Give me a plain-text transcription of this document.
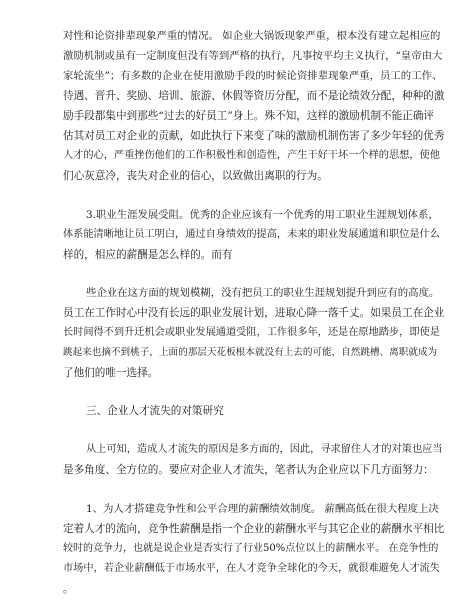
对性和论资排辈现象严重的情况。 如企业大锅饭现象严重，根本没有建立起相应的
激励机制或虽有一定制度但没有等到严格的执行，凡事按平均主义执行，“皇帝由大
家轮流坐”；有多数的企业在使用激励手段的时候论资排辈现象严重，员工的工作、
待遇、晋升、奖励、培训、旅游、休假等资历分配，而不是论绩效分配，种种的激
励手段都集中到那些“过去的好员工”身上。殊不知，这样的激励机制不能正确评
估其对员工对企业的贡献，如此执行下来变了味的激励机制伤害了多少年轻的优秀
人才的心，严重挫伤他们的工作积极性和创造性，产生干好干坏一个样的思想，使他
们心灰意冷，丧失对企业的信心，以致做出离职的行为。
3.职业生涯发展受阻。优秀的企业应该有一个优秀的用工职业生涯规划体系，
体系能清晰地让员工明白，通过自身绩效的提高，未来的职业发展通道和职位是什么
样的，相应的薪酬是怎么样的。而有
些企业在这方面的规划模糊，没有把员工的职业生涯规划提升到应有的高度。
员工在工作时心中没有长远的职业发展计划，进取心降一落千丈。如果员工在企业
长时间得不到升迁机会或职业发展通道受阻，工作很多年，还是在原地踏步，即使是
跳起来也摘不到桃子，上面的那层天花板根本就没有上去的可能，自然跳槽、离职就成为
了他们的唯一选择。
三、企业人才流失的对策研究
从上可知，造成人才流失的原因是多方面的，因此，寻求留住人才的对策也应当
是多角度、全方位的。要应对企业人才流失，笔者认为企业应以下几方面努力：
1、为人才搭建竞争性和公平合理的薪酬绩效制度。 薪酬高低在很大程度上决
定着人才的流向，竞争性薪酬是指一个企业的薪酬水平与其它企业的薪酬水平相比
较时的竞争力，也就是说企业是否实行了行业50%点位以上的薪酬水平。 在竞争性的
市场中，若企业薪酬低于市场水平，在人才竞争全球化的今天，就很难避免人才流失
。
